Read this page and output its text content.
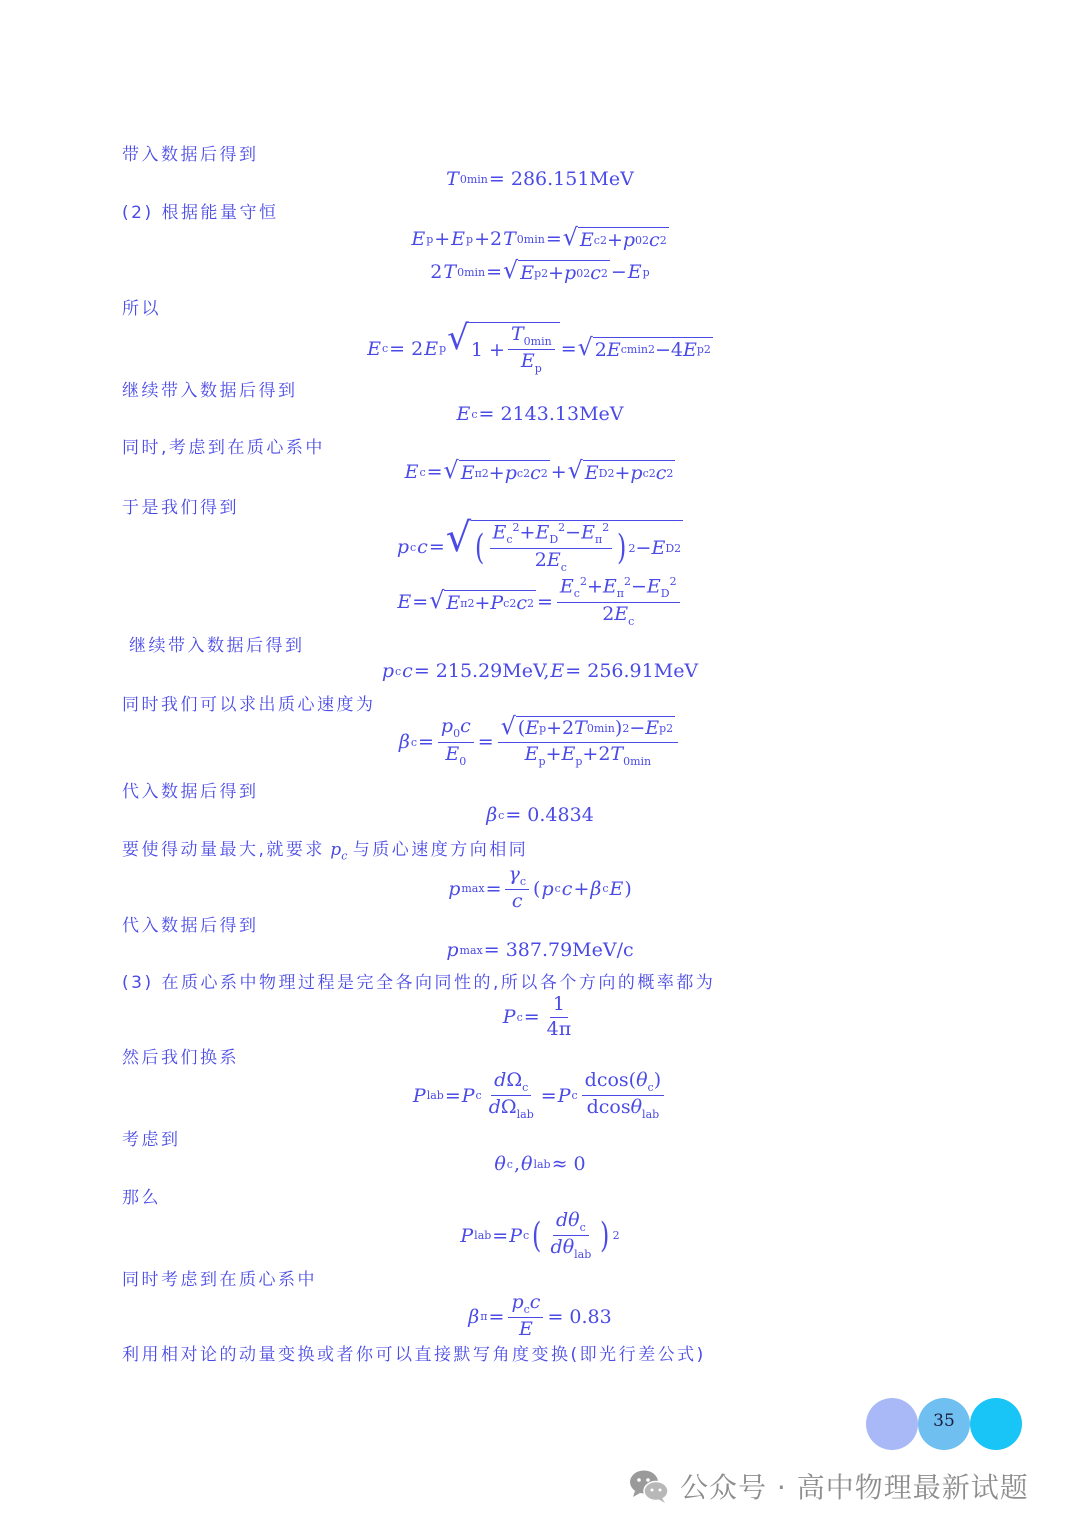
带入数据后得到
T 0min = 286.151MeV
(2) 根据能量守恒
E p + E p +2 T 0min = √ E c 2 + p 0 2 c 2
2 T 0min = √ E p 2 + p 0 2 c 2 − E p
所以
E c = 2 E p √ $1 + \frac{T_{0min}}{E_p}$ = √ 2 E cmin 2 −4 E p 2
继续带入数据后得到
E c = 2143.13MeV
同时,考虑到在质心系中
E c = √ E π 2 + p c 2 c 2 + √ E D 2 + p c 2 c 2
于是我们得到
p c c = √ ( $\frac{E_c^2+E_D^2-E_\pi^2}{2E_c}$ ) 2 − E D 2
E = √ E π 2 + P c 2 c $2 = \frac{E_c^2+E_\pi^2-E_D^2}{2E_c}$
继续带入数据后得到
p c c = 215.29MeV, E = 256.91MeV
同时我们可以求出质心速度为
β $c = \frac{p_0c}{E_0} = \frac{\text{√ ( E p +2 T 0min ) 2 − E p 2}}{E_p+E_p+2T_{0min}}$
代入数据后得到
β c = 0.4834
要使得动量最大,就要求 $p_c$ 与质心速度方向相同
p $\max = \frac{\gamma_c}{c}$ ( p c c + β c E )
代入数据后得到
p max = 387.79MeV/c
(3) 在质心系中物理过程是完全各向同性的,所以各个方向的概率都为
P $c = \frac{1}{4\pi}$
然后我们换系
P lab = P c $\frac{d\Omega_c}{d\Omega_{lab}} = P$ c $\frac{dcos(\theta_c)}{dcos\theta_{lab}}$
考虑到
θ c , θ lab ≈ 0
那么
P lab = P c ( $\frac{d\theta_c}{d\theta_{lab}}$ ) 2
同时考虑到在质心系中
β $\pi = \frac{p_cc}{E} = 0.83$
利用相对论的动量变换或者你可以直接默写角度变换(即光行差公式)
35
公众号 · 高中物理最新试题
